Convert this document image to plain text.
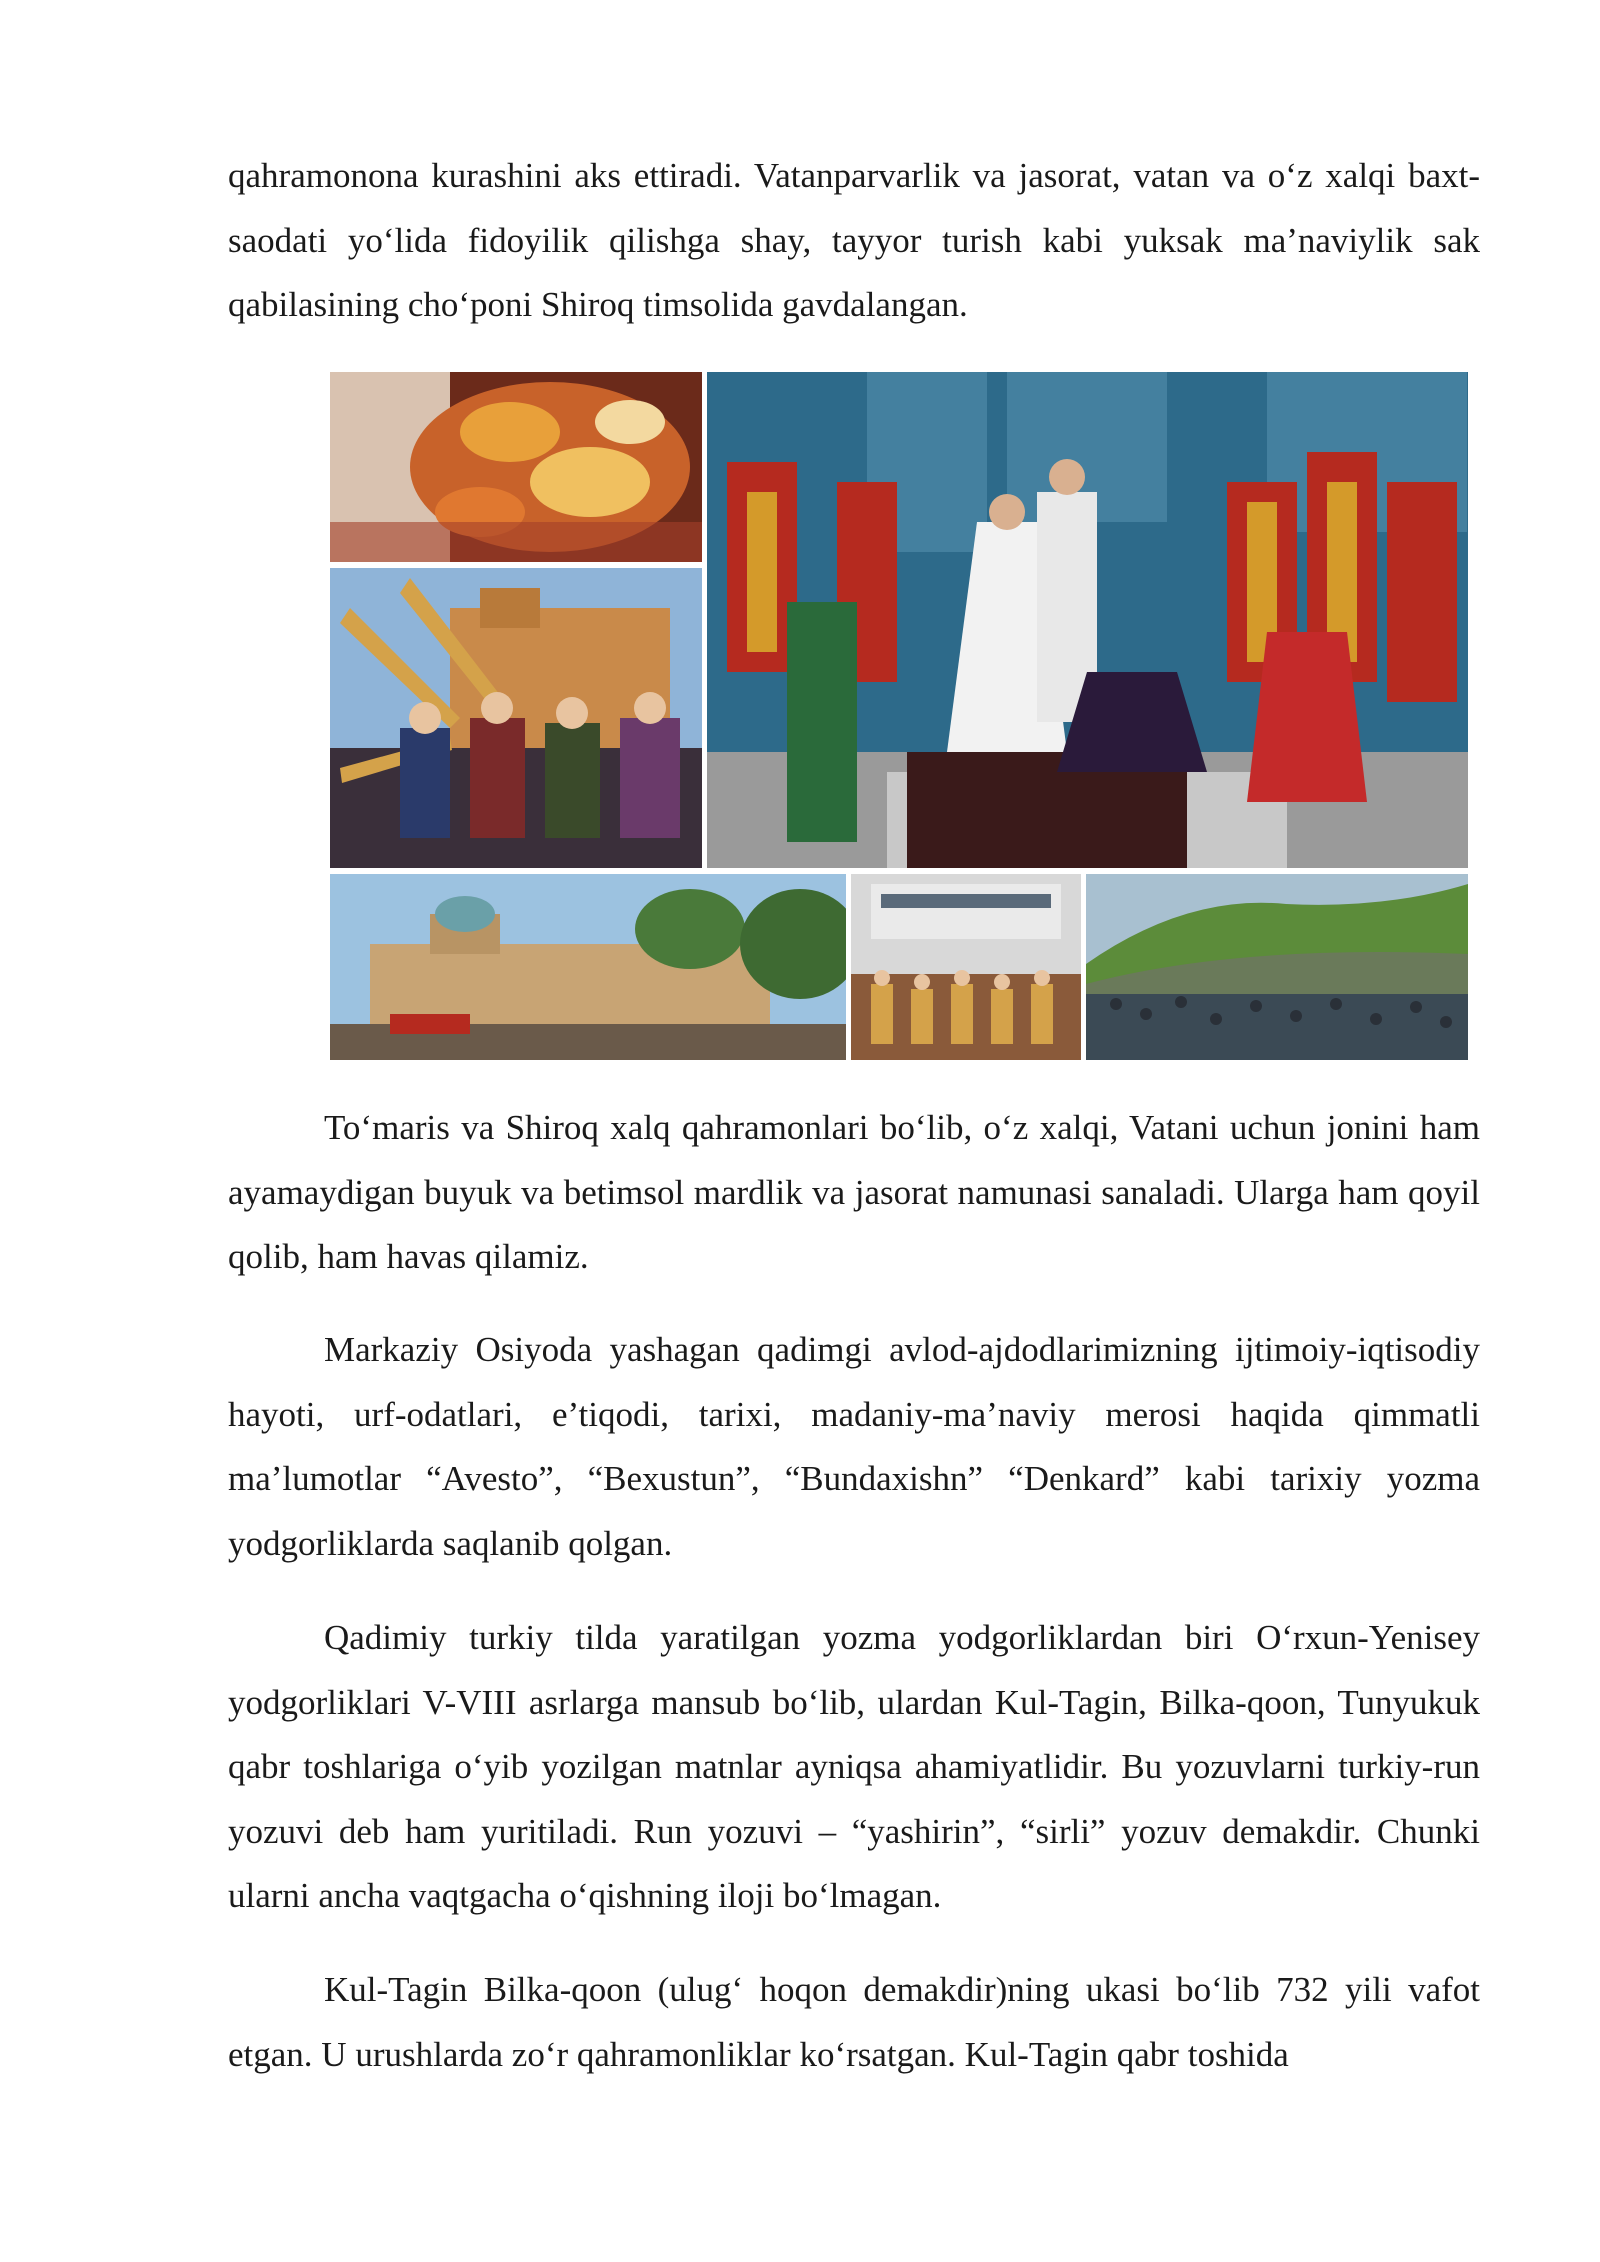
qahramonona kurashini aks ettiradi. Vatanparvarlik va jasorat, vatan va o‘z xalqi baxt-saodati yo‘lida fidoyilik qilishga shay, tayyor turish kabi yuksak ma’naviylik sak qabilasining cho‘poni Shiroq timsolida gavdalangan.

To‘maris va Shiroq xalq qahramonlari bo‘lib, o‘z xalqi, Vatani uchun jonini ham ayamaydigan buyuk va betimsol mardlik va jasorat namunasi sanaladi. Ularga ham qoyil qolib, ham havas qilamiz.

Markaziy Osiyoda yashagan qadimgi avlod-ajdodlarimizning ijtimoiy-iqtisodiy hayoti, urf-odatlari, e’tiqodi, tarixi, madaniy-ma’naviy merosi haqida qimmatli ma’lumotlar “Avesto”, “Bexustun”, “Bundaxishn” “Denkard” kabi tarixiy yozma yodgorliklarda saqlanib qolgan.

Qadimiy turkiy tilda yaratilgan yozma yodgorliklardan biri O‘rxun-Yenisey yodgorliklari V-VIII asrlarga mansub bo‘lib, ulardan Kul-Tagin, Bilka-qoon, Tunyukuk qabr toshlariga o‘yib yozilgan matnlar ayniqsa ahamiyatlidir. Bu yozuvlarni turkiy-run yozuvi deb ham yuritiladi. Run yozuvi – “yashirin”, “sirli” yozuv demakdir. Chunki ularni ancha vaqtgacha o‘qishning iloji bo‘lmagan.

Kul-Tagin Bilka-qoon (ulug‘ hoqon demakdir)ning ukasi bo‘lib 732 yili vafot etgan. U urushlarda zo‘r qahramonliklar ko‘rsatgan. Kul-Tagin qabr toshida
